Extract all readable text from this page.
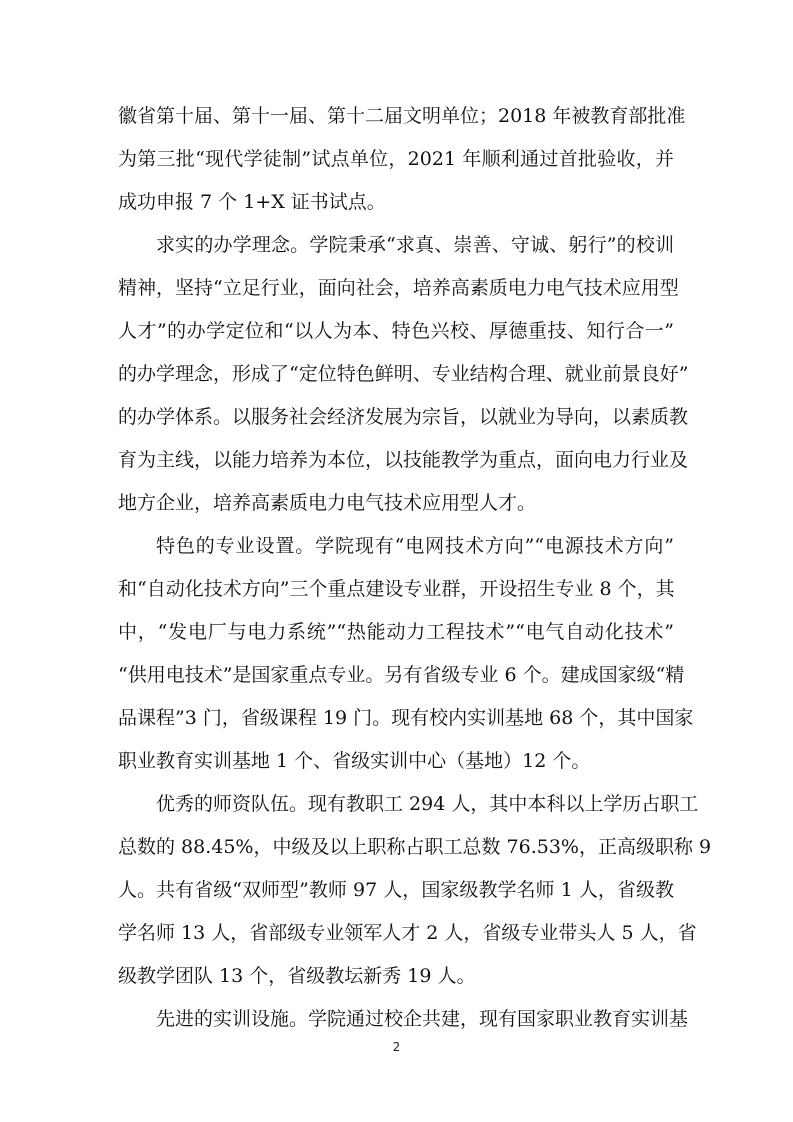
徽省第十届、第十一届、第十二届文明单位；2018 年被教育部批准
为第三批“现代学徒制”试点单位，2021 年顺利通过首批验收，并
成功申报 7 个 1+X 证书试点。
求实的办学理念。学院秉承“求真、崇善、守诚、躬行”的校训
精神，坚持“立足行业，面向社会，培养高素质电力电气技术应用型
人才”的办学定位和“以人为本、特色兴校、厚德重技、知行合一”
的办学理念，形成了“定位特色鲜明、专业结构合理、就业前景良好”
的办学体系。以服务社会经济发展为宗旨，以就业为导向，以素质教
育为主线，以能力培养为本位，以技能教学为重点，面向电力行业及
地方企业，培养高素质电力电气技术应用型人才。
特色的专业设置。学院现有“电网技术方向”“电源技术方向”
和“自动化技术方向”三个重点建设专业群，开设招生专业 8 个，其
中，“发电厂与电力系统”“热能动力工程技术”“电气自动化技术”
“供用电技术”是国家重点专业。另有省级专业 6 个。建成国家级“精
品课程”3 门，省级课程 19 门。现有校内实训基地 68 个，其中国家
职业教育实训基地 1 个、省级实训中心（基地）12 个。
优秀的师资队伍。现有教职工 294 人，其中本科以上学历占职工
总数的 88.45%，中级及以上职称占职工总数 76.53%，正高级职称 9
人。共有省级“双师型”教师 97 人，国家级教学名师 1 人，省级教
学名师 13 人，省部级专业领军人才 2 人，省级专业带头人 5 人，省
级教学团队 13 个，省级教坛新秀 19 人。
先进的实训设施。学院通过校企共建，现有国家职业教育实训基
2
